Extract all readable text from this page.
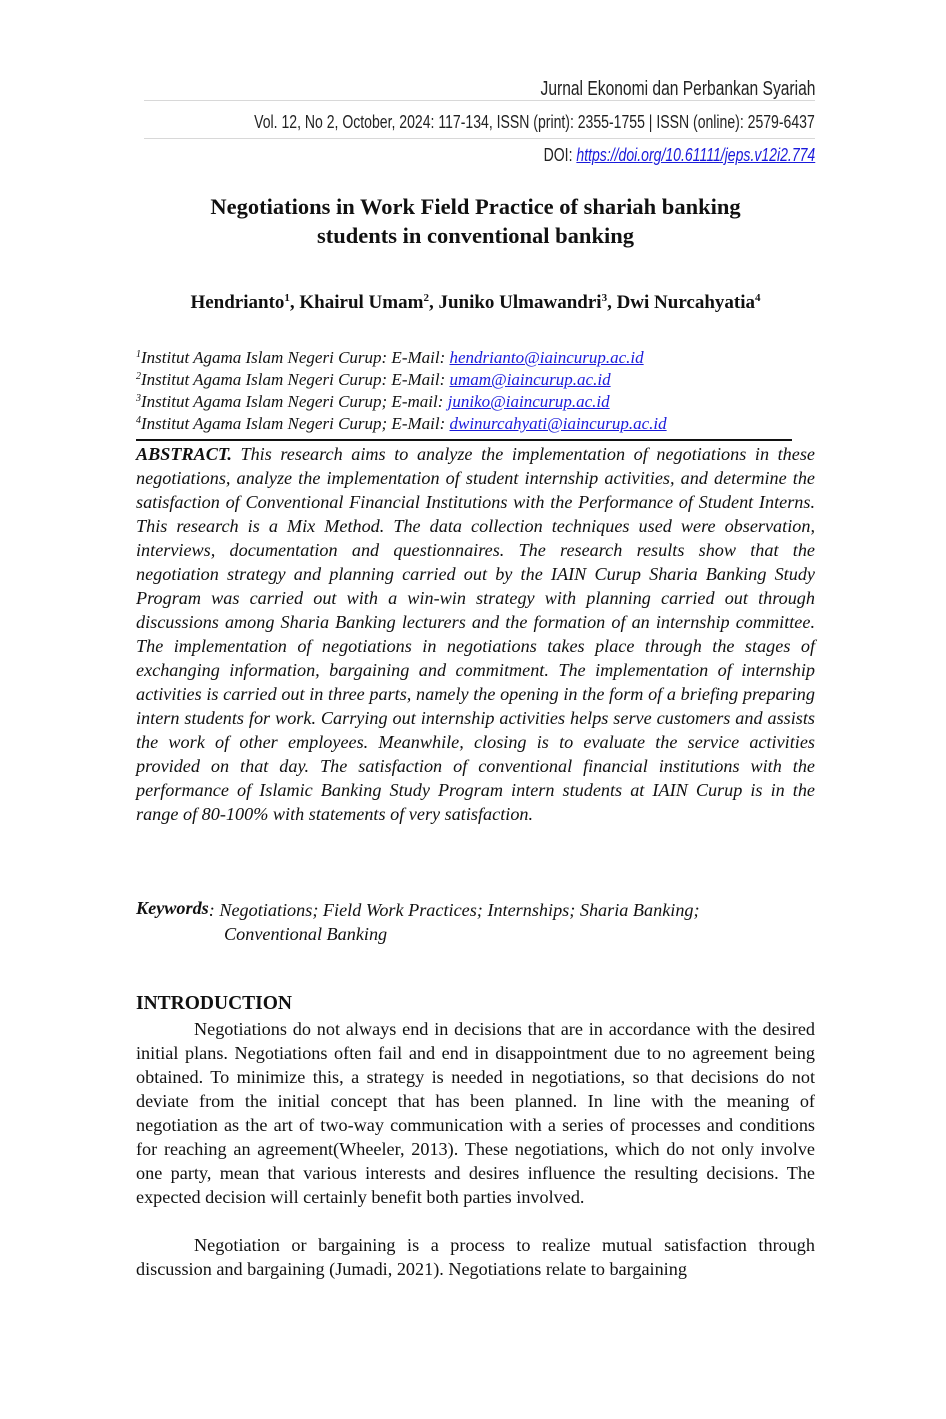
Jurnal Ekonomi dan Perbankan Syariah
Vol. 12, No 2, October, 2024: 117-134, ISSN (print): 2355-1755 | ISSN (online): 2579-6437
DOI: https://doi.org/10.61111/jeps.v12i2.774
Negotiations in Work Field Practice of shariah banking
students in conventional banking
Hendrianto$^1$, Khairul Umam$^2$, Juniko Ulmawandri$^3$, Dwi Nurcahyatia$^4$
$^1$Institut Agama Islam Negeri Curup: E-Mail: hendrianto@iaincurup.ac.id
$^2$Institut Agama Islam Negeri Curup: E-Mail: umam@iaincurup.ac.id
$^3$Institut Agama Islam Negeri Curup; E-mail: juniko@iaincurup.ac.id
$^4$Institut Agama Islam Negeri Curup; E-Mail: dwinurcahyati@iaincurup.ac.id

ABSTRACT. This research aims to analyze the implementation of negotiations in these negotiations, analyze the implementation of student internship activities, and determine the satisfaction of Conventional Financial Institutions with the Performance of Student Interns. This research is a Mix Method. The data collection techniques used were observation, interviews, documentation and questionnaires. The research results show that the negotiation strategy and planning carried out by the IAIN Curup Sharia Banking Study Program was carried out with a win-win strategy with planning carried out through discussions among Sharia Banking lecturers and the formation of an internship committee. The implementation of negotiations in negotiations takes place through the stages of exchanging information, bargaining and commitment. The implementation of internship activities is carried out in three parts, namely the opening in the form of a briefing preparing intern students for work. Carrying out internship activities helps serve customers and assists the work of other employees. Meanwhile, closing is to evaluate the service activities provided on that day. The satisfaction of conventional financial institutions with the performance of Islamic Banking Study Program intern students at IAIN Curup is in the range of 80-100% with statements of very satisfaction.

Keywords : Negotiations; Field Work Practices; Internships; Sharia Banking; Conventional Banking

INTRODUCTION

Negotiations do not always end in decisions that are in accordance with the desired initial plans. Negotiations often fail and end in disappointment due to no agreement being obtained. To minimize this, a strategy is needed in negotiations, so that decisions do not deviate from the initial concept that has been planned. In line with the meaning of negotiation as the art of two-way communication with a series of processes and conditions for reaching an agreement(Wheeler, 2013). These negotiations, which do not only involve one party, mean that various interests and desires influence the resulting decisions. The expected decision will certainly benefit both parties involved.

Negotiation or bargaining is a process to realize mutual satisfaction through discussion and bargaining (Jumadi, 2021). Negotiations relate to bargaining
